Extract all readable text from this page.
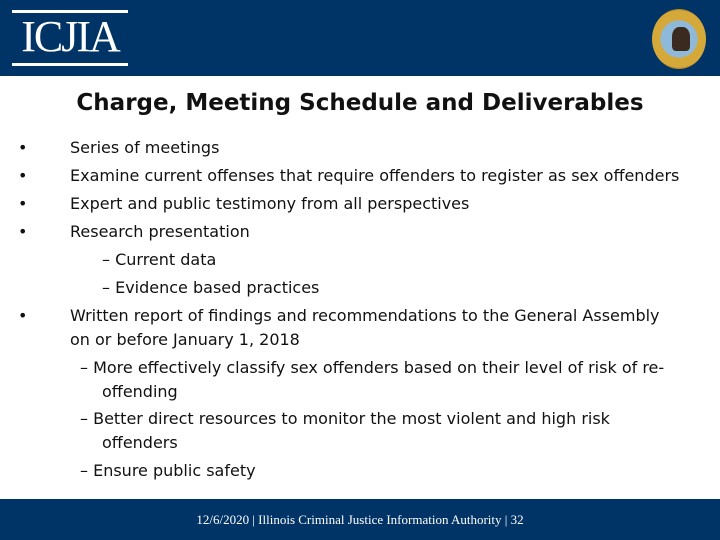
ICJIA
Charge, Meeting Schedule and Deliverables
•	Series of meetings
•	Examine current offenses that require offenders to register as sex offenders
•	Expert and public testimony from all perspectives
•	Research presentation
– Current data
– Evidence based practices
•	Written report of findings and recommendations to the General Assembly
on or before January 1, 2018
– More effectively classify sex offenders based on their level of risk of re-
offending
– Better direct resources to monitor the most violent and high risk
offenders
– Ensure public safety
12/6/2020 | Illinois Criminal Justice Information Authority | 32
